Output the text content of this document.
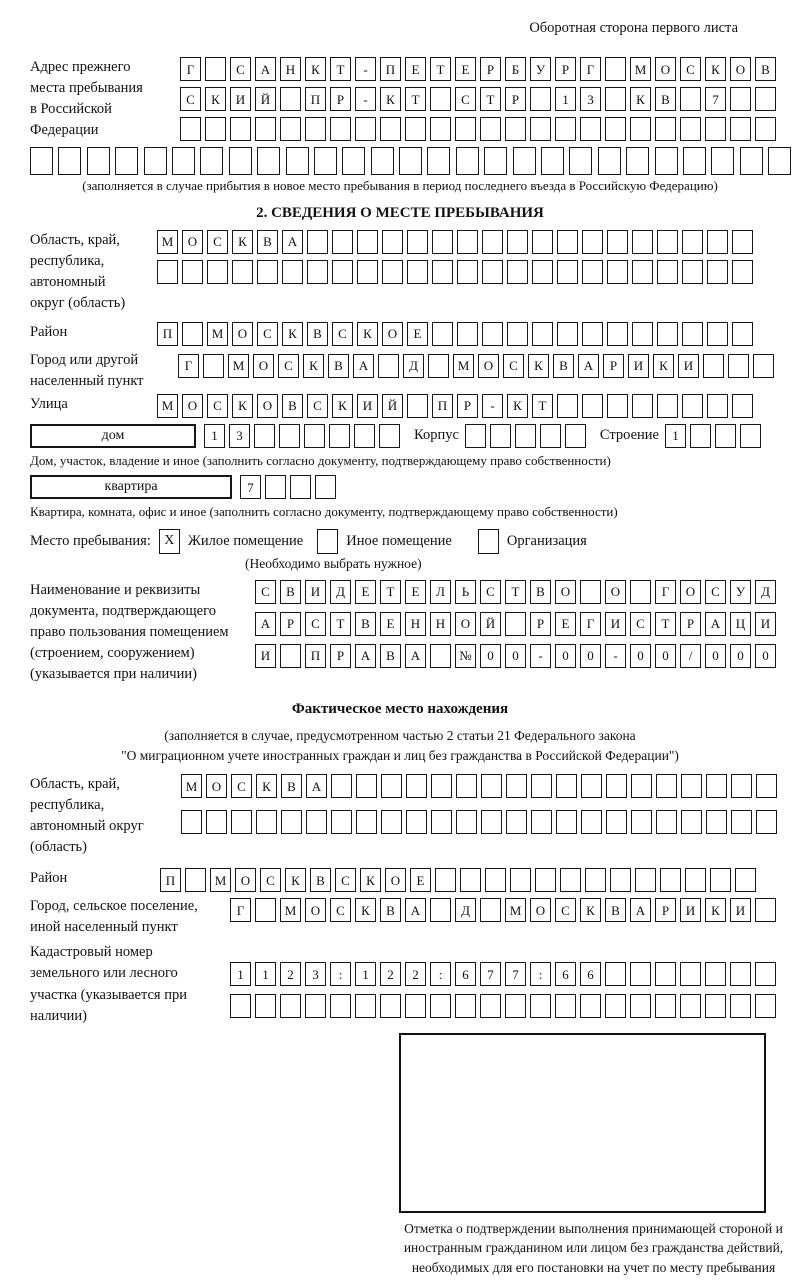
Оборотная сторона первого листа
Адрес прежнего места пребывания в Российской Федерации
Г	С	А	Н	К	Т	-	П	Е	Т	Е	Р	Б	У	Р	Г	М	О	С	К	О	В
С	К	И	Й	П	Р	-	К	Т	С	Т	Р	1	3	К	В	7
(заполняется в случае прибытия в новое место пребывания в период последнего въезда в Российскую Федерацию)
2. СВЕДЕНИЯ О МЕСТЕ ПРЕБЫВАНИЯ
Область, край, республика, автономный округ (область)
М	О	С	К	В	А
Район	П	М	О	С	К	В	С	К	О	Е
Город или другой населенный пункт
Г	М	О	С	К	В	А	Д	М	О	С	К	В	А	Р	И	К	И
Улица	М	О	С	К	О	В	С	К	И	Й	П	Р	-	К	Т
дом	1	3	Корпус	Строение	1
Дом, участок, владение и иное (заполнить согласно документу, подтверждающему право собственности)
квартира	7
Квартира, комната, офис и иное (заполнить согласно документу, подтверждающему право собственности)
Место пребывания: X Жилое помещение	Иное помещение	Организация
(Необходимо выбрать нужное)
Наименование и реквизиты документа, подтверждающего право пользования помещением (строением, сооружением) (указывается при наличии)
С	В	И	Д	Е	Т	Е	Л	Ь	С	Т	В	О	О	Г	О	С	У	Д
А	Р	С	Т	В	Е	Н	Н	О	Й	Р	Е	Г	И	С	Т	Р	А	Ц	И
И	П	Р	А	В	А	№	0	0	-	0	0	-	0	0	/	0	0	0
Фактическое место нахождения
(заполняется в случае, предусмотренном частью 2 статьи 21 Федерального закона
"О миграционном учете иностранных граждан и лиц без гражданства в Российской Федерации")
Область, край, республика, автономный округ (область)
М	О	С	К	В	А
Район	П	М	О	С	К	В	С	К	О	Е
Город, сельское поселение, иной населенный пункт
Г	М	О	С	К	В	А	Д	М	О	С	К	В	А	Р	И	К	И
Кадастровый номер земельного или лесного участка (указывается при наличии)
1	1	2	3	:	1	2	2	:	6	7	7	:	6	6
Отметка о подтверждении выполнения принимающей стороной и иностранным гражданином или лицом без гражданства действий, необходимых для его постановки на учет по месту пребывания
